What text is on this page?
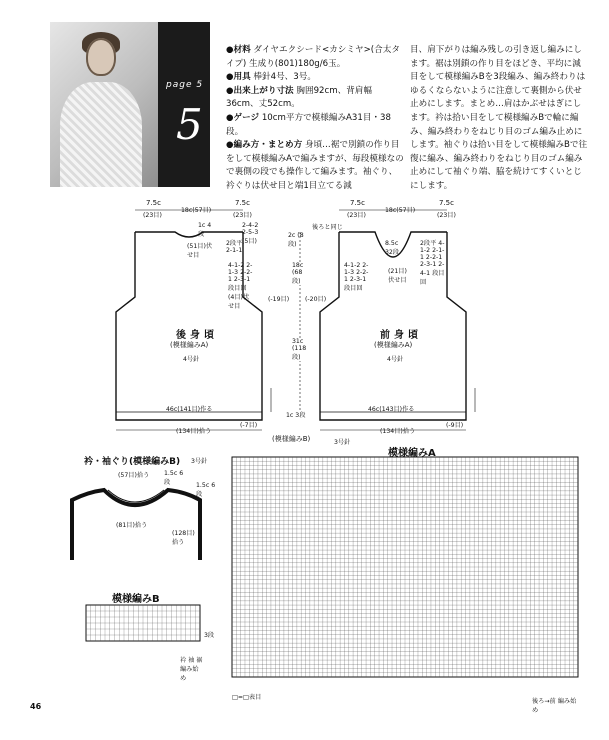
page 5
5
●材料 ダイヤエクシード<カシミヤ>(合太タイプ) 生成り(801)180g/6玉。
●用具 棒針4号、3号。
●出来上がり寸法 胸囲92cm、背肩幅36cm、丈52cm。
●ゲージ 10cm平方で模様編みA31目・38段。
●編み方・まとめ方 身頃…裾で別鎖の作り目をして模様編みAで編みますが、毎段模様なので裏側の段でも操作して編みます。袖ぐり、衿ぐりは伏せ目と端1目立てる減
目、肩下がりは編み残しの引き返し編みにします。裾は別鎖の作り目をほどき、平均に減目をして模様編みBを3段編み、編み終わりはゆるくならないように注意して裏側から伏せ止めにします。まとめ…肩はかぶせはぎにします。衿は拾い目をして模様編みBで輪に編み、編み終わりをねじり目のゴム編み止めにします。袖ぐりは拾い目をして模様編みBで往復に編み、編み終わりをねじり目のゴム編み止めにして袖ぐり端、脇を続けてすくいとじにします。
7.5c
(23目)
18c(57目)
7.5c
(23目)
1c 4段
2-4-2 2-5-3 (5目)
(51目)伏せ目
2段平 2-1-1
4-1-2 2-1-3 2-2-1 2-3-1 段目回 (4目)伏せ目
(-19目)
後身頃
(模様編みA)
4号針
46c(141目)作る
(134目)拾う
(-7目)
2c (8段)
18c (68段)
31c (118段)
1c 3段
(模様編みB)	3号針
7.5c
(23目)
18c(57目)
7.5c
(23目)
後ろと同じ
8.5c 32段
(21目)伏せ目
2段平 4-1-2 2-1-1 2-2-1 2-3-1 2-4-1 段目回
4-1-2 2-1-3 2-2-1 2-3-1 段目回
(-20目)
前身頃
(模様編みA)
4号針
46c(143目)作る
(134目)拾う
(-9目)
衿・袖ぐり(模様編みB) 3号針
(57目)拾う 1.5c 6段	1.5c 6段
(81目)拾う
(128目)拾う
模様編みA
模様編みB
3段
衿 袖 裾 編み始め
□=□表目
後ろ→前 編み始め
46
